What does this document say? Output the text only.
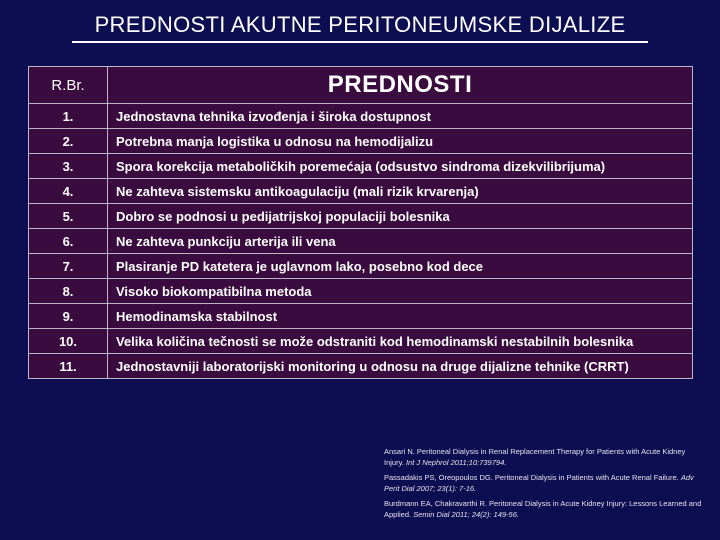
PREDNOSTI AKUTNE PERITONEUMSKE DIJALIZE
R.Br.	PREDNOSTI
1.	Jednostavna tehnika izvođenja i široka dostupnost
2.	Potrebna manja logistika u odnosu na hemodijalizu
3.	Spora korekcija metaboličkih poremećaja (odsustvo sindroma dizekvilibrijuma)
4.	Ne zahteva sistemsku antikoagulaciju (mali rizik krvarenja)
5.	Dobro se podnosi u pedijatrijskoj populaciji bolesnika
6.	Ne zahteva punkciju arterija ili vena
7.	Plasiranje PD katetera je uglavnom lako, posebno kod dece
8.	Visoko biokompatibilna metoda
9.	Hemodinamska stabilnost
10.	Velika količina tečnosti se može odstraniti kod hemodinamski nestabilnih bolesnika
11.	Jednostavniji laboratorijski monitoring u odnosu na druge dijalizne tehnike (CRRT)
Ansari N. Peritoneal Dialysis in Renal Replacement Therapy for Patients with Acute Kidney Injury. Int J Nephrol 2011;10:739794.
Passadakis PS, Oreopoulos DG. Peritoneal Dialysis in Patients with Acute Renal Failure. Adv Perit Dial 2007; 23(1): 7-16.
Burdmann EA, Chakravarthi R. Peritoneal Dialysis in Acute Kidney Injury: Lessons Learned and Applied. Semin Dial 2011; 24(2): 149-56.
